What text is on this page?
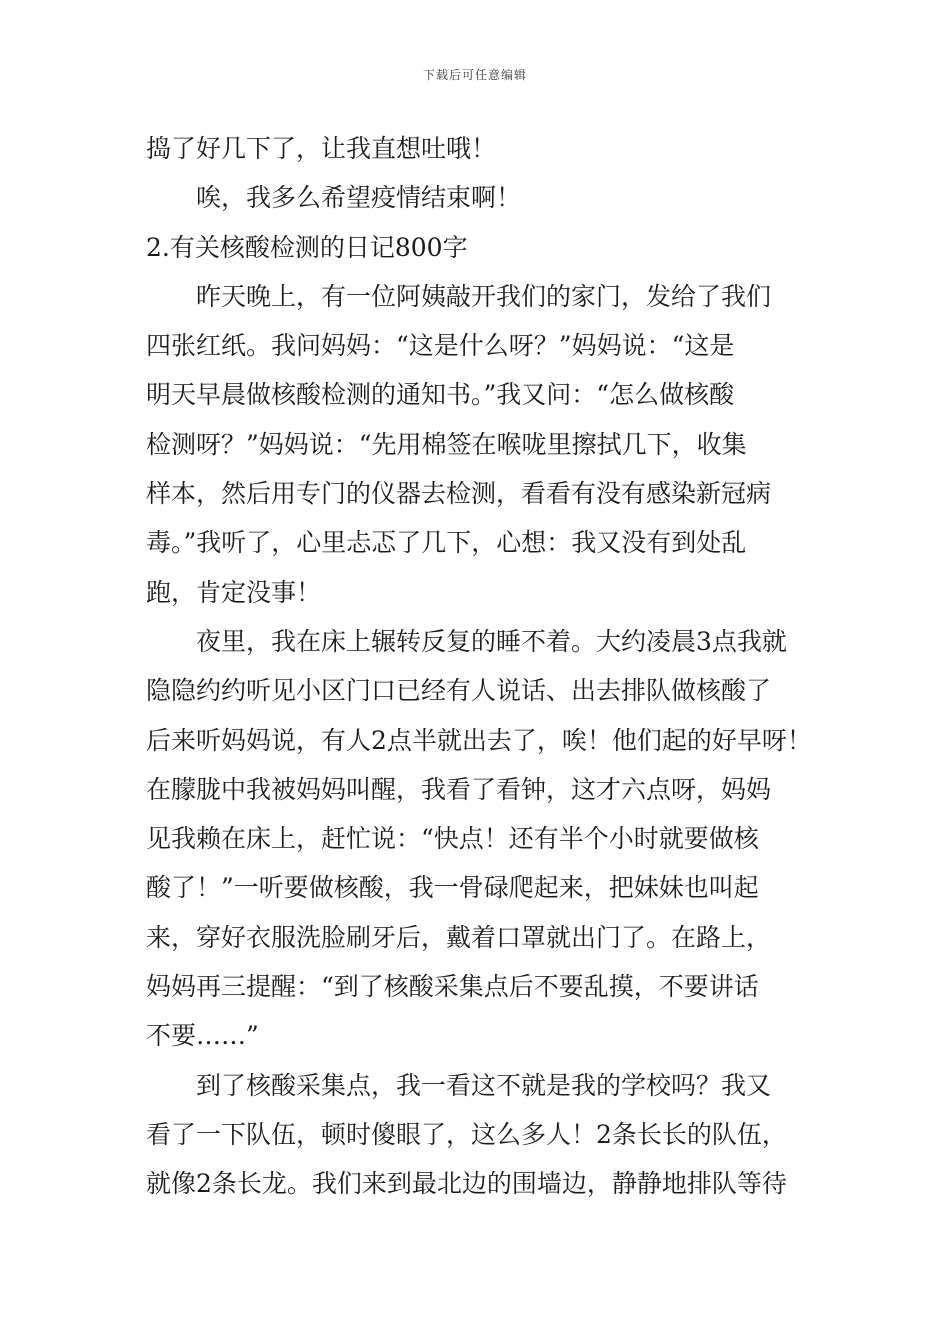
下载后可任意编辑
捣了好几下了，让我直想吐哦！
唉，我多么希望疫情结束啊！
2.有关核酸检测的日记800字
昨天晚上，有一位阿姨敲开我们的家门，发给了我们
四张红纸。我问妈妈：“这是什么呀？”妈妈说：“这是
明天早晨做核酸检测的通知书。”我又问：“怎么做核酸
检测呀？”妈妈说：“先用棉签在喉咙里擦拭几下，收集
样本，然后用专门的仪器去检测，看看有没有感染新冠病
毒。”我听了，心里忐忑了几下，心想：我又没有到处乱
跑，肯定没事！
夜里，我在床上辗转反复的睡不着。大约凌晨3点我就
隐隐约约听见小区门口已经有人说话、出去排队做核酸了
后来听妈妈说，有人2点半就出去了，唉！他们起的好早呀！
在朦胧中我被妈妈叫醒，我看了看钟，这才六点呀，妈妈
见我赖在床上，赶忙说：“快点！还有半个小时就要做核
酸了！”一听要做核酸，我一骨碌爬起来，把妹妹也叫起
来，穿好衣服洗脸刷牙后，戴着口罩就出门了。在路上，
妈妈再三提醒：“到了核酸采集点后不要乱摸，不要讲话
不要……”
到了核酸采集点，我一看这不就是我的学校吗？我又
看了一下队伍，顿时傻眼了，这么多人！2条长长的队伍，
就像2条长龙。我们来到最北边的围墙边，静静地排队等待
